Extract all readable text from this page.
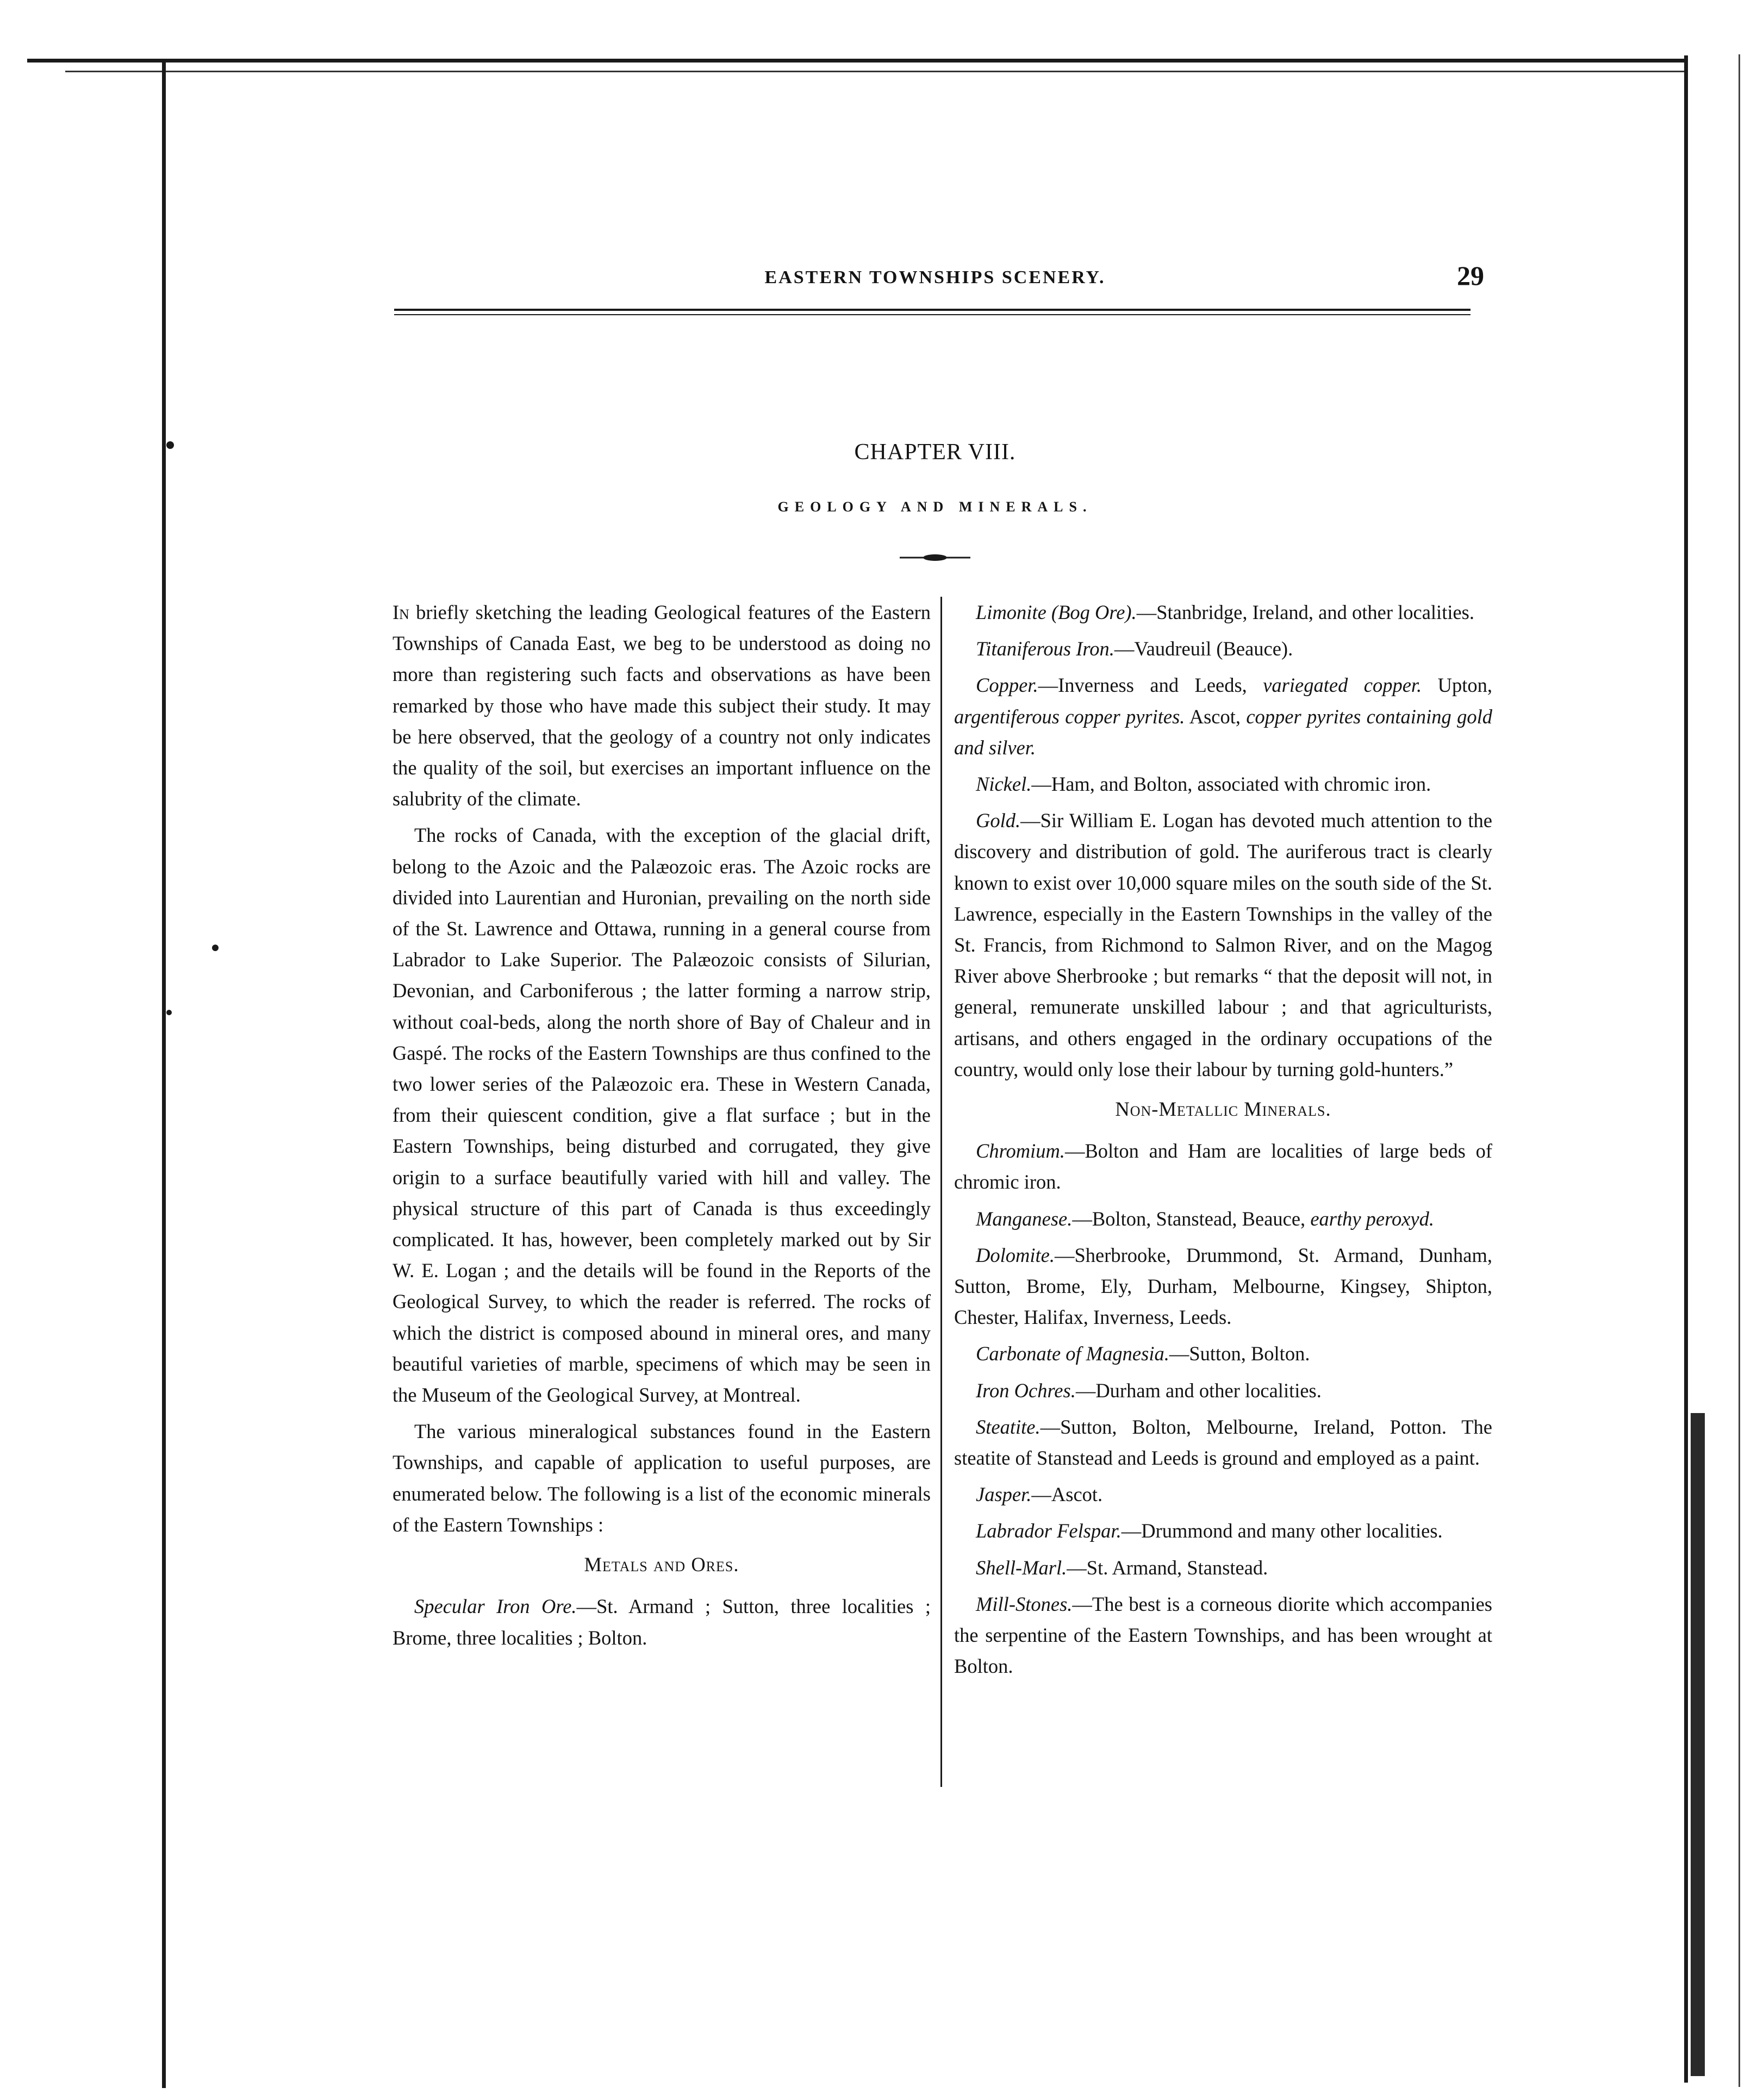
EASTERN TOWNSHIPS SCENERY.	29
CHAPTER VIII.
GEOLOGY AND MINERALS.

In briefly sketching the leading Geological features of the Eastern Townships of Canada East, we beg to be understood as doing no more than registering such facts and observations as have been remarked by those who have made this subject their study. It may be here observed, that the geology of a country not only indicates the quality of the soil, but exercises an important influence on the salubrity of the climate.

The rocks of Canada, with the exception of the glacial drift, belong to the Azoic and the Palæozoic eras. The Azoic rocks are divided into Laurentian and Huronian, prevailing on the north side of the St. Lawrence and Ottawa, running in a general course from Labrador to Lake Superior. The Palæozoic consists of Silurian, Devonian, and Carboniferous ; the latter forming a narrow strip, without coal-beds, along the north shore of Bay of Chaleur and in Gaspé. The rocks of the Eastern Townships are thus confined to the two lower series of the Palæozoic era. These in Western Canada, from their quiescent condition, give a flat surface ; but in the Eastern Townships, being disturbed and corrugated, they give origin to a surface beautifully varied with hill and valley. The physical structure of this part of Canada is thus exceedingly complicated. It has, however, been completely marked out by Sir W. E. Logan ; and the details will be found in the Reports of the Geological Survey, to which the reader is referred. The rocks of which the district is composed abound in mineral ores, and many beautiful varieties of marble, specimens of which may be seen in the Museum of the Geological Survey, at Montreal.

The various mineralogical substances found in the Eastern Townships, and capable of application to useful purposes, are enumerated below. The following is a list of the economic minerals of the Eastern Townships :

Metals and Ores.

Specular Iron Ore.—St. Armand ; Sutton, three localities ; Brome, three localities ; Bolton.

Limonite (Bog Ore).—Stanbridge, Ireland, and other localities.

Titaniferous Iron.—Vaudreuil (Beauce).

Copper.—Inverness and Leeds, variegated copper. Upton, argentiferous copper pyrites. Ascot, copper pyrites containing gold and silver.

Nickel.—Ham, and Bolton, associated with chromic iron.

Gold.—Sir William E. Logan has devoted much attention to the discovery and distribution of gold. The auriferous tract is clearly known to exist over 10,000 square miles on the south side of the St. Lawrence, especially in the Eastern Townships in the valley of the St. Francis, from Richmond to Salmon River, and on the Magog River above Sherbrooke ; but remarks “ that the deposit will not, in general, remunerate unskilled labour ; and that agriculturists, artisans, and others engaged in the ordinary occupations of the country, would only lose their labour by turning gold-hunters.”

Non-Metallic Minerals.

Chromium.—Bolton and Ham are localities of large beds of chromic iron.

Manganese.—Bolton, Stanstead, Beauce, earthy peroxyd.

Dolomite.—Sherbrooke, Drummond, St. Armand, Dunham, Sutton, Brome, Ely, Durham, Melbourne, Kingsey, Shipton, Chester, Halifax, Inverness, Leeds.

Carbonate of Magnesia.—Sutton, Bolton.

Iron Ochres.—Durham and other localities.

Steatite.—Sutton, Bolton, Melbourne, Ireland, Potton. The steatite of Stanstead and Leeds is ground and employed as a paint.

Jasper.—Ascot.

Labrador Felspar.—Drummond and many other localities.

Shell-Marl.—St. Armand, Stanstead.

Mill-Stones.—The best is a corneous diorite which accompanies the serpentine of the Eastern Townships, and has been wrought at Bolton.
